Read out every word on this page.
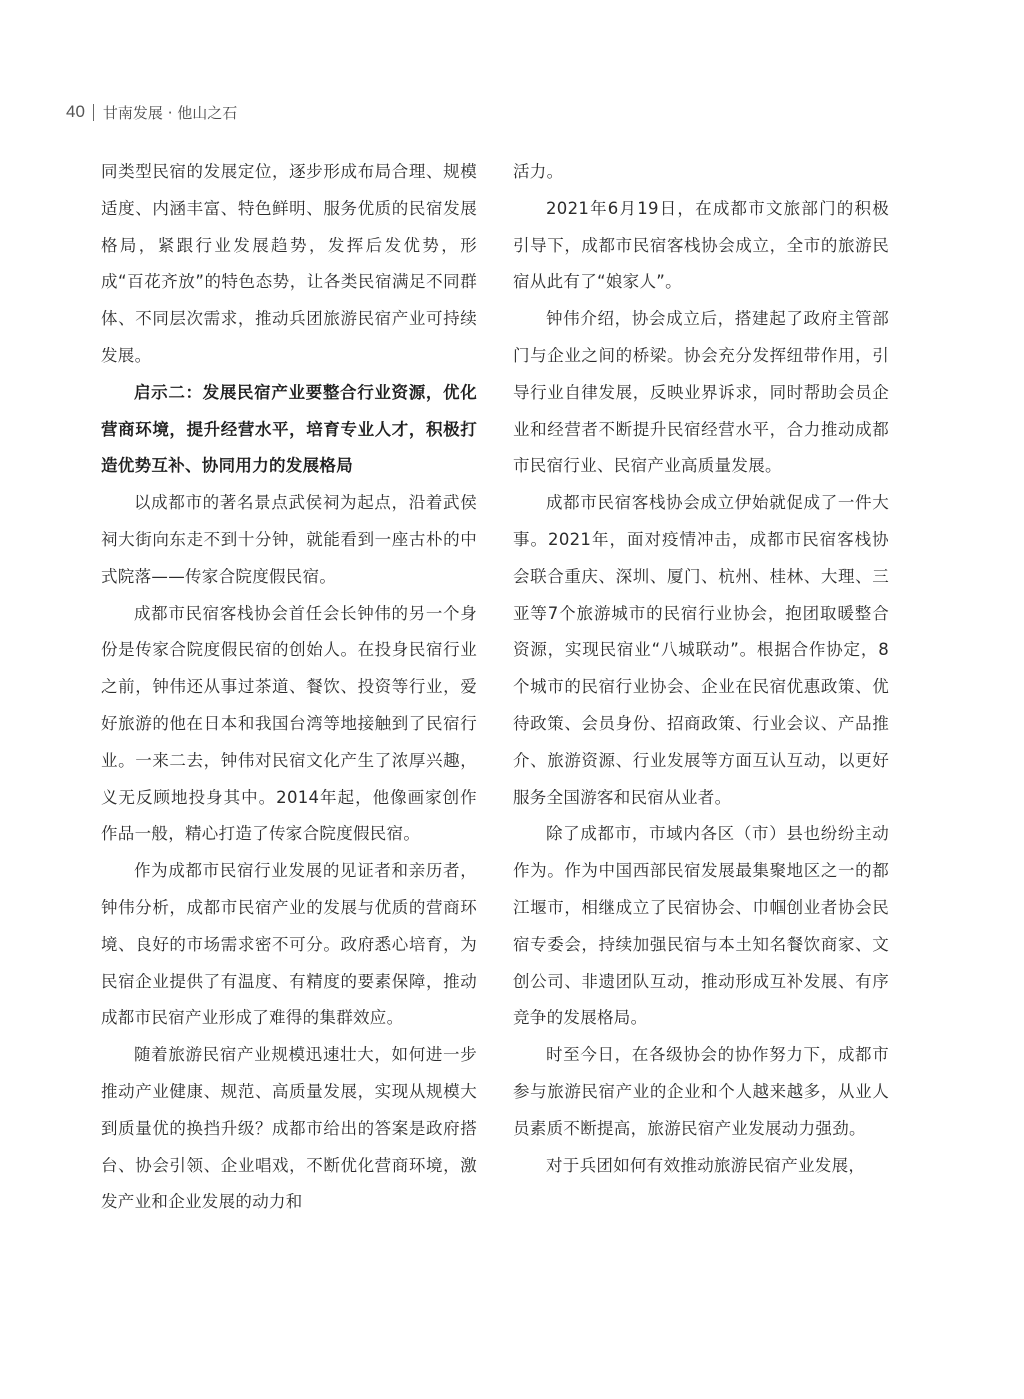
40 甘南发展 · 他山之石

同类型民宿的发展定位，逐步形成布局合理、规模适度、内涵丰富、特色鲜明、服务优质的民宿发展格局，紧跟行业发展趋势，发挥后发优势，形成“百花齐放”的特色态势，让各类民宿满足不同群体、不同层次需求，推动兵团旅游民宿产业可持续发展。

启示二：发展民宿产业要整合行业资源，优化营商环境，提升经营水平，培育专业人才，积极打造优势互补、协同用力的发展格局

以成都市的著名景点武侯祠为起点，沿着武侯祠大街向东走不到十分钟，就能看到一座古朴的中式院落——传家合院度假民宿。

成都市民宿客栈协会首任会长钟伟的另一个身份是传家合院度假民宿的创始人。在投身民宿行业之前，钟伟还从事过茶道、餐饮、投资等行业，爱好旅游的他在日本和我国台湾等地接触到了民宿行业。一来二去，钟伟对民宿文化产生了浓厚兴趣，义无反顾地投身其中。2014年起，他像画家创作作品一般，精心打造了传家合院度假民宿。

作为成都市民宿行业发展的见证者和亲历者，钟伟分析，成都市民宿产业的发展与优质的营商环境、良好的市场需求密不可分。政府悉心培育，为民宿企业提供了有温度、有精度的要素保障，推动成都市民宿产业形成了难得的集群效应。

随着旅游民宿产业规模迅速壮大，如何进一步推动产业健康、规范、高质量发展，实现从规模大到质量优的换挡升级？成都市给出的答案是政府搭台、协会引领、企业唱戏，不断优化营商环境，激发产业和企业发展的动力和

活力。

2021年6月19日，在成都市文旅部门的积极引导下，成都市民宿客栈协会成立，全市的旅游民宿从此有了“娘家人”。

钟伟介绍，协会成立后，搭建起了政府主管部门与企业之间的桥梁。协会充分发挥纽带作用，引导行业自律发展，反映业界诉求，同时帮助会员企业和经营者不断提升民宿经营水平，合力推动成都市民宿行业、民宿产业高质量发展。

成都市民宿客栈协会成立伊始就促成了一件大事。2021年，面对疫情冲击，成都市民宿客栈协会联合重庆、深圳、厦门、杭州、桂林、大理、三亚等7个旅游城市的民宿行业协会，抱团取暖整合资源，实现民宿业“八城联动”。根据合作协定，8个城市的民宿行业协会、企业在民宿优惠政策、优待政策、会员身份、招商政策、行业会议、产品推介、旅游资源、行业发展等方面互认互动，以更好服务全国游客和民宿从业者。

除了成都市，市域内各区（市）县也纷纷主动作为。作为中国西部民宿发展最集聚地区之一的都江堰市，相继成立了民宿协会、巾帼创业者协会民宿专委会，持续加强民宿与本土知名餐饮商家、文创公司、非遗团队互动，推动形成互补发展、有序竞争的发展格局。

时至今日，在各级协会的协作努力下，成都市参与旅游民宿产业的企业和个人越来越多，从业人员素质不断提高，旅游民宿产业发展动力强劲。

对于兵团如何有效推动旅游民宿产业发展，
